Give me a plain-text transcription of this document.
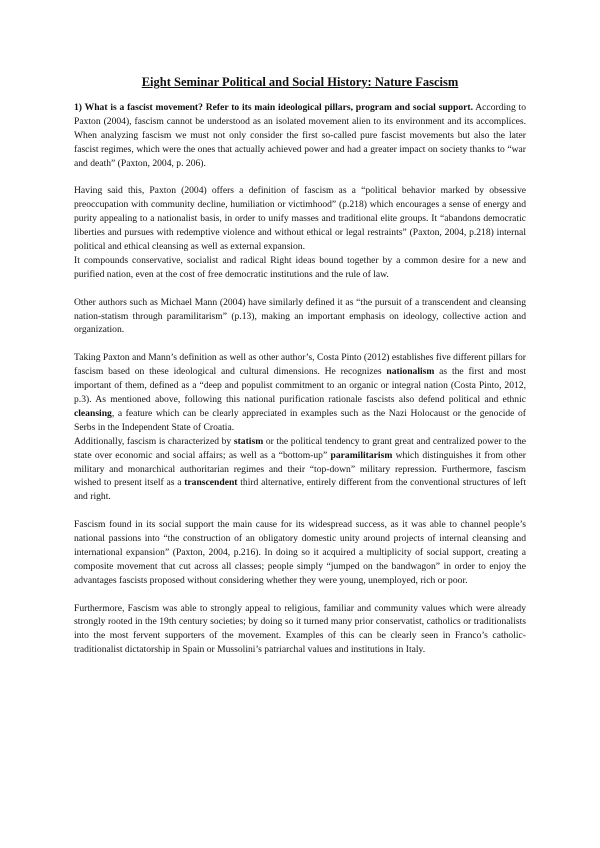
Eight Seminar Political and Social History: Nature Fascism

1) What is a fascist movement? Refer to its main ideological pillars, program and social support. According to Paxton (2004), fascism cannot be understood as an isolated movement alien to its environment and its accomplices. When analyzing fascism we must not only consider the first so-called pure fascist movements but also the later fascist regimes, which were the ones that actually achieved power and had a greater impact on society thanks to “war and death” (Paxton, 2004, p. 206).

Having said this, Paxton (2004) offers a definition of fascism as a “political behavior marked by obsessive preoccupation with community decline, humiliation or victimhood” (p.218) which encourages a sense of energy and purity appealing to a nationalist basis, in order to unify masses and traditional elite groups. It “abandons democratic liberties and pursues with redemptive violence and without ethical or legal restraints” (Paxton, 2004, p.218) internal political and ethical cleansing as well as external expansion.

It compounds conservative, socialist and radical Right ideas bound together by a common desire for a new and purified nation, even at the cost of free democratic institutions and the rule of law.

Other authors such as Michael Mann (2004) have similarly defined it as “the pursuit of a transcendent and cleansing nation-statism through paramilitarism” (p.13), making an important emphasis on ideology, collective action and organization.

Taking Paxton and Mann’s definition as well as other author’s, Costa Pinto (2012) establishes five different pillars for fascism based on these ideological and cultural dimensions. He recognizes nationalism as the first and most important of them, defined as a “deep and populist commitment to an organic or integral nation (Costa Pinto, 2012, p.3). As mentioned above, following this national purification rationale fascists also defend political and ethnic cleansing, a feature which can be clearly appreciated in examples such as the Nazi Holocaust or the genocide of Serbs in the Independent State of Croatia.

Additionally, fascism is characterized by statism or the political tendency to grant great and centralized power to the state over economic and social affairs; as well as a “bottom-up” paramilitarism which distinguishes it from other military and monarchical authoritarian regimes and their “top-down” military repression. Furthermore, fascism wished to present itself as a transcendent third alternative, entirely different from the conventional structures of left and right.

Fascism found in its social support the main cause for its widespread success, as it was able to channel people’s national passions into “the construction of an obligatory domestic unity around projects of internal cleansing and international expansion” (Paxton, 2004, p.216). In doing so it acquired a multiplicity of social support, creating a composite movement that cut across all classes; people simply “jumped on the bandwagon” in order to enjoy the advantages fascists proposed without considering whether they were young, unemployed, rich or poor.

Furthermore, Fascism was able to strongly appeal to religious, familiar and community values which were already strongly rooted in the 19th century societies; by doing so it turned many prior conservatist, catholics or traditionalists into the most fervent supporters of the movement. Examples of this can be clearly seen in Franco’s catholic-traditionalist dictatorship in Spain or Mussolini’s patriarchal values and institutions in Italy.
